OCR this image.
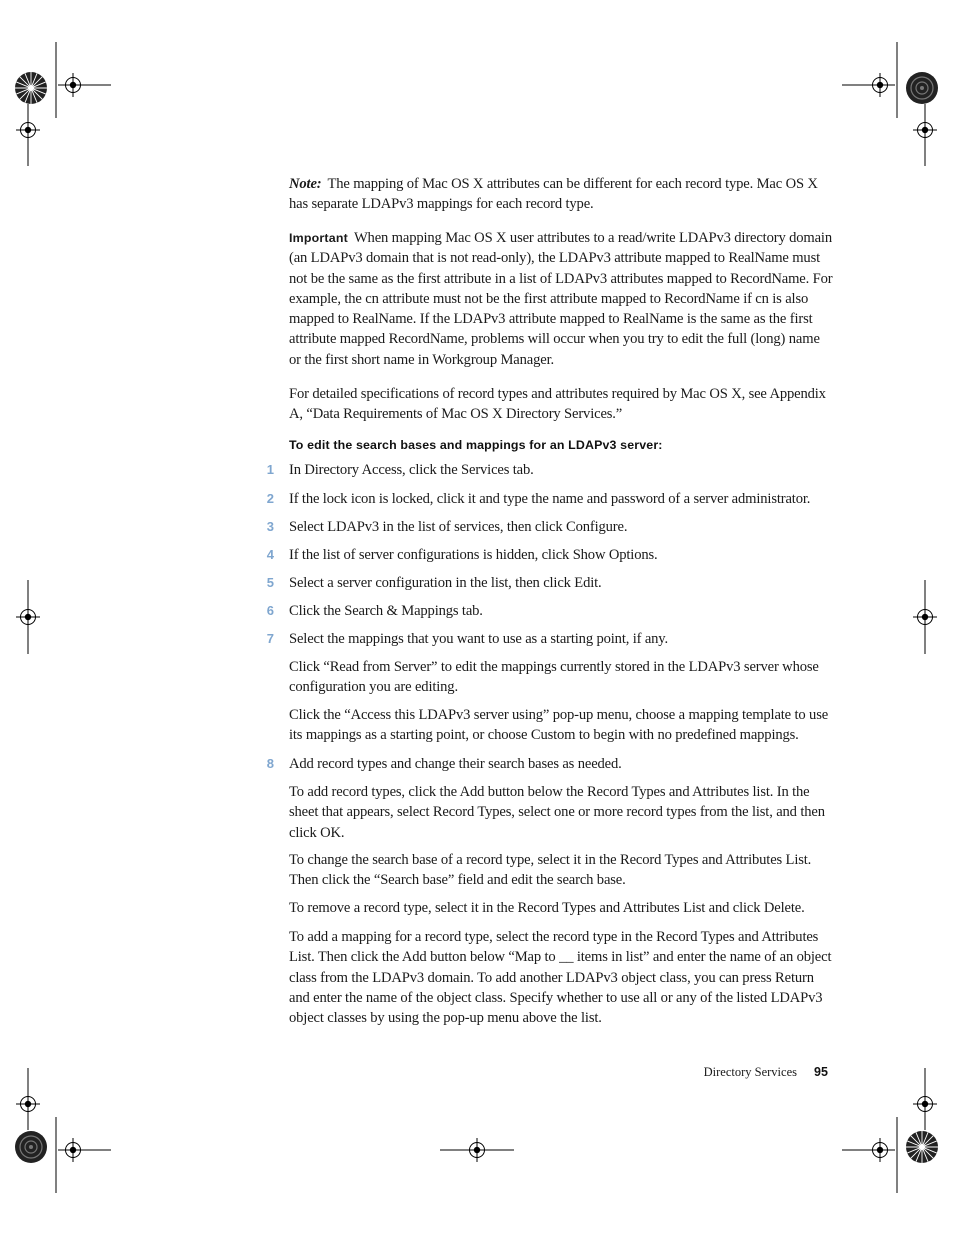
Note: The mapping of Mac OS X attributes can be different for each record type. Mac OS X has separate LDAPv3 mappings for each record type.

Important When mapping Mac OS X user attributes to a read/write LDAPv3 directory domain (an LDAPv3 domain that is not read-only), the LDAPv3 attribute mapped to RealName must not be the same as the first attribute in a list of LDAPv3 attributes mapped to RecordName. For example, the cn attribute must not be the first attribute mapped to RecordName if cn is also mapped to RealName. If the LDAPv3 attribute mapped to RealName is the same as the first attribute mapped RecordName, problems will occur when you try to edit the full (long) name or the first short name in Workgroup Manager.

For detailed specifications of record types and attributes required by Mac OS X, see Appendix A, “Data Requirements of Mac OS X Directory Services.”

To edit the search bases and mappings for an LDAPv3 server:

1 In Directory Access, click the Services tab.

2 If the lock icon is locked, click it and type the name and password of a server administrator.

3 Select LDAPv3 in the list of services, then click Configure.

4 If the list of server configurations is hidden, click Show Options.

5 Select a server configuration in the list, then click Edit.

6 Click the Search & Mappings tab.

7 Select the mappings that you want to use as a starting point, if any.

Click “Read from Server” to edit the mappings currently stored in the LDAPv3 server whose configuration you are editing.

Click the “Access this LDAPv3 server using” pop-up menu, choose a mapping template to use its mappings as a starting point, or choose Custom to begin with no predefined mappings.

8 Add record types and change their search bases as needed.

To add record types, click the Add button below the Record Types and Attributes list. In the sheet that appears, select Record Types, select one or more record types from the list, and then click OK.

To change the search base of a record type, select it in the Record Types and Attributes List. Then click the “Search base” field and edit the search base.

To remove a record type, select it in the Record Types and Attributes List and click Delete.

To add a mapping for a record type, select the record type in the Record Types and Attributes List. Then click the Add button below “Map to __ items in list” and enter the name of an object class from the LDAPv3 domain. To add another LDAPv3 object class, you can press Return and enter the name of the object class. Specify whether to use all or any of the listed LDAPv3 object classes by using the pop-up menu above the list.

Directory Services 95
